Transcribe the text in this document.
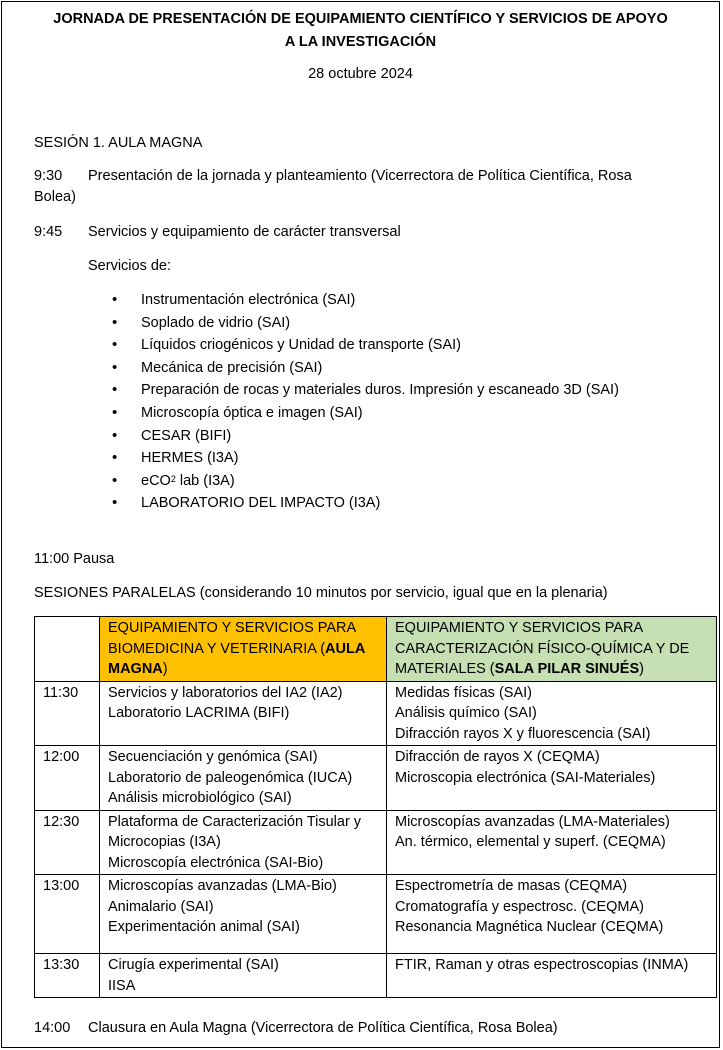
JORNADA DE PRESENTACIÓN DE EQUIPAMIENTO CIENTÍFICO Y SERVICIOS DE APOYO
A LA INVESTIGACIÓN
28 octubre 2024
SESIÓN 1. AULA MAGNA
9:30 Presentación de la jornada y planteamiento (Vicerrectora de Política Científica, Rosa
Bolea)
9:45 Servicios y equipamiento de carácter transversal
Servicios de:
• Instrumentación electrónica (SAI)
• Soplado de vidrio (SAI)
• Líquidos criogénicos y Unidad de transporte (SAI)
• Mecánica de precisión (SAI)
• Preparación de rocas y materiales duros. Impresión y escaneado 3D (SAI)
• Microscopía óptica e imagen (SAI)
• CESAR (BIFI)
• HERMES (I3A)
• eCO$^2$ lab (I3A)
• LABORATORIO DEL IMPACTO (I3A)
11:00 Pausa
SESIONES PARALELAS (considerando 10 minutos por servicio, igual que en la plenaria)
	EQUIPAMIENTO Y SERVICIOS PARA BIOMEDICINA Y VETERINARIA (AULA MAGNA)	EQUIPAMIENTO Y SERVICIOS PARA CARACTERIZACIÓN FÍSICO-QUÍMICA Y DE MATERIALES (SALA PILAR SINUÉS)
11:30	Servicios y laboratorios del IA2 (IA2)
Laboratorio LACRIMA (BIFI)	Medidas físicas (SAI)
Análisis químico (SAI)
Difracción rayos X y fluorescencia (SAI)

12:00	Secuenciación y genómica (SAI)
Laboratorio de paleogenómica (IUCA)
Análisis microbiológico (SAI)	Difracción de rayos X (CEQMA)
Microscopia electrónica (SAI-Materiales)

12:30	Plataforma de Caracterización Tisular y
Microcopias (I3A)
Microscopía electrónica (SAI-Bio)	Microscopías avanzadas (LMA-Materiales)
An. térmico, elemental y superf. (CEQMA)

13:00	Microscopías avanzadas (LMA-Bio)
Animalario (SAI)
Experimentación animal (SAI)	Espectrometría de masas (CEQMA)
Cromatografía y espectrosc. (CEQMA)
Resonancia Magnética Nuclear (CEQMA)

13:30	Cirugía experimental (SAI)
IISA	FTIR, Raman y otras espectroscopias (INMA)
14:00 Clausura en Aula Magna (Vicerrectora de Política Científica, Rosa Bolea)
